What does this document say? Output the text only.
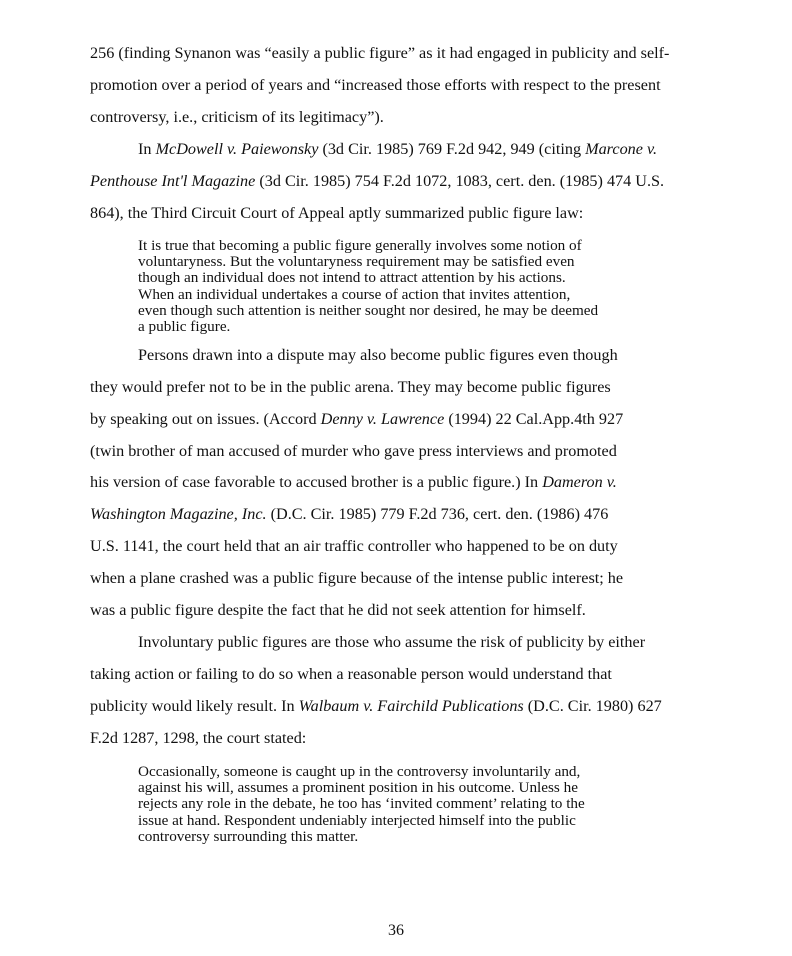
256 (finding Synanon was “easily a public figure” as it had engaged in publicity and self-
promotion over a period of years and “increased those efforts with respect to the present
controversy, i.e., criticism of its legitimacy”).
In McDowell v. Paiewonsky (3d Cir. 1985) 769 F.2d 942, 949 (citing Marcone v.
Penthouse Int'l Magazine (3d Cir. 1985) 754 F.2d 1072, 1083, cert. den. (1985) 474 U.S.
864), the Third Circuit Court of Appeal aptly summarized public figure law:

It is true that becoming a public figure generally involves some notion of

voluntaryness. But the voluntaryness requirement may be satisfied even

though an individual does not intend to attract attention by his actions.

When an individual undertakes a course of action that invites attention,

even though such attention is neither sought nor desired, he may be deemed

a public figure.

Persons drawn into a dispute may also become public figures even though
they would prefer not to be in the public arena. They may become public figures
by speaking out on issues. (Accord Denny v. Lawrence (1994) 22 Cal.App.4th 927
(twin brother of man accused of murder who gave press interviews and promoted
his version of case favorable to accused brother is a public figure.) In Dameron v.
Washington Magazine, Inc. (D.C. Cir. 1985) 779 F.2d 736, cert. den. (1986) 476
U.S. 1141, the court held that an air traffic controller who happened to be on duty
when a plane crashed was a public figure because of the intense public interest; he
was a public figure despite the fact that he did not seek attention for himself.
Involuntary public figures are those who assume the risk of publicity by either
taking action or failing to do so when a reasonable person would understand that
publicity would likely result. In Walbaum v. Fairchild Publications (D.C. Cir. 1980) 627
F.2d 1287, 1298, the court stated:

Occasionally, someone is caught up in the controversy involuntarily and,

against his will, assumes a prominent position in his outcome. Unless he

rejects any role in the debate, he too has ‘invited comment’ relating to the

issue at hand. Respondent undeniably interjected himself into the public

controversy surrounding this matter.

36
